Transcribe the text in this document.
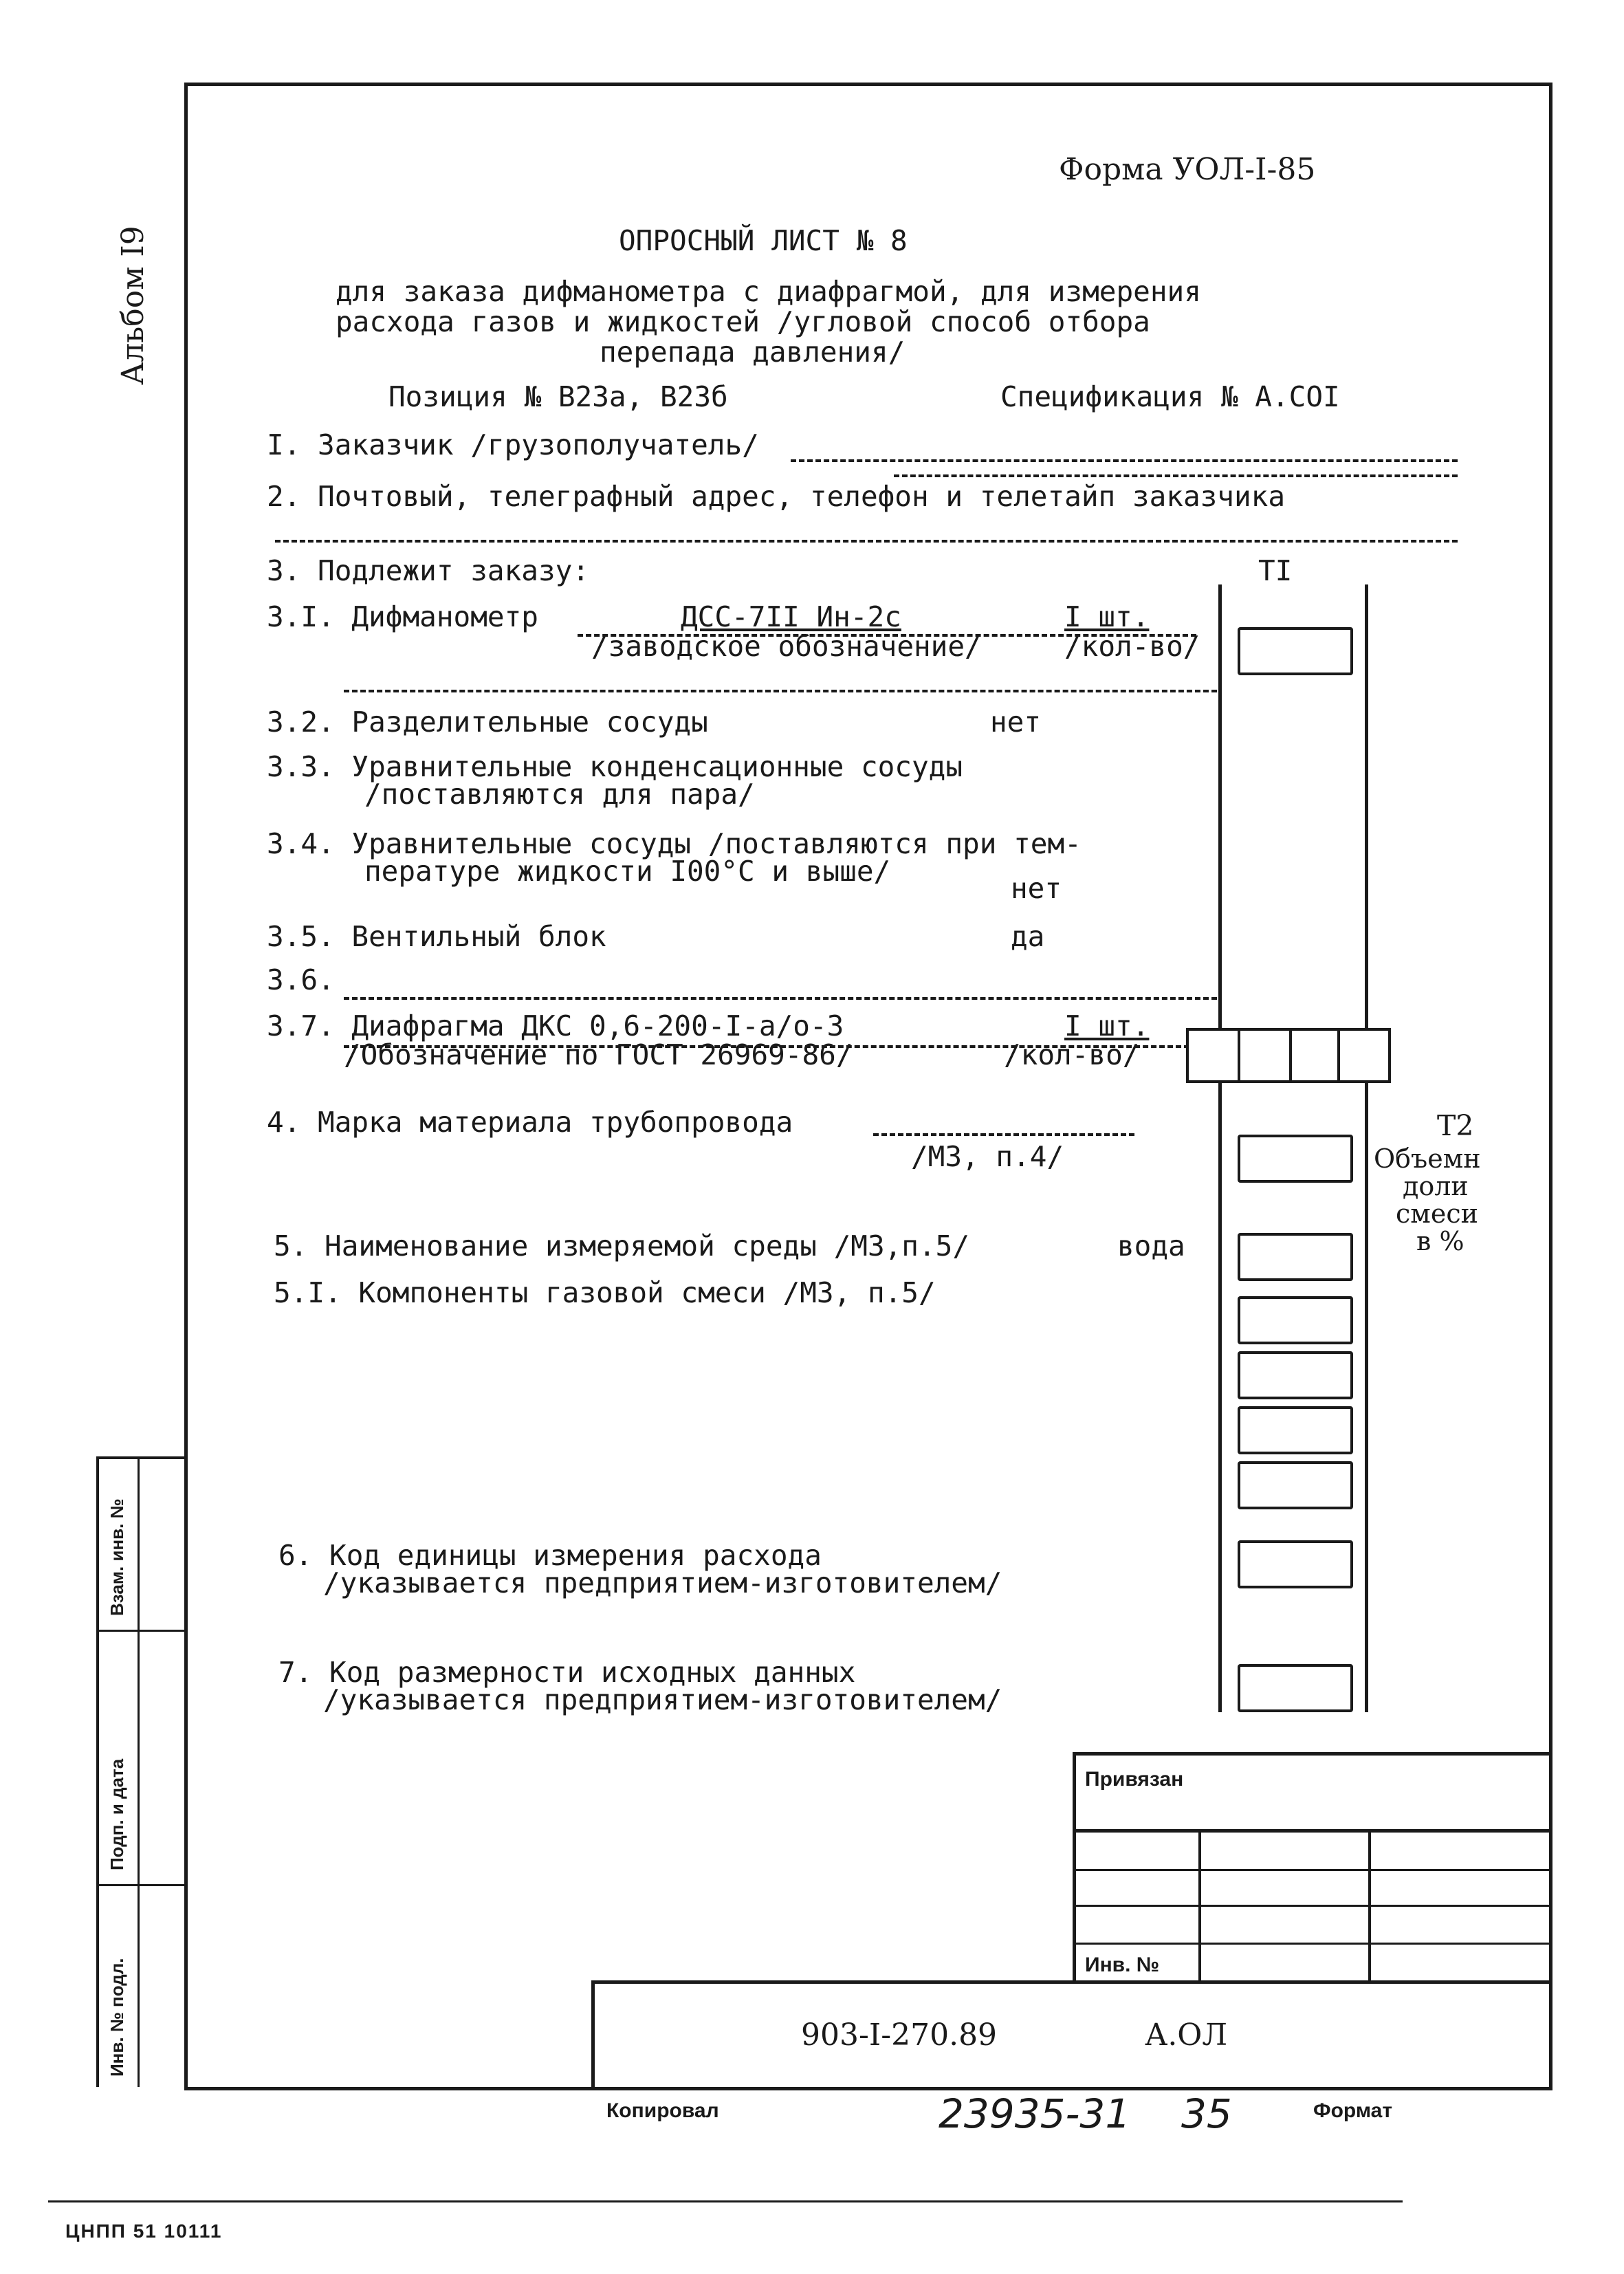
Альбом I9
Взам. инв. №
Подп. и дата
Инв. № подл.
Форма УОЛ-I-85
ОПРОСНЫЙ ЛИСТ № 8
для заказа дифманометра с диафрагмой, для измерения
расхода газов и жидкостей /угловой способ отбора
перепада давления/
Позиция № В23а, В23б	Спецификация № А.СОI
I. Заказчик /грузополучатель/
2. Почтовый, телеграфный адрес, телефон и телетайп заказчика
3. Подлежит заказу:	TI
3.I. Дифманометр	ДСС-7II Ин-2с	I шт.
/заводское обозначение/	/кол-во/
3.2. Разделительные сосуды	нет
3.3. Уравнительные конденсационные сосуды
/поставляются для пара/
3.4. Уравнительные сосуды /поставляются при тем-
пературе жидкости I00°С и выше/
нет
3.5. Вентильный блок	да
3.6.
3.7. Диафрагма ДКС 0,6-200-I-а/о-3	I шт.
/Обозначение по ГОСТ 26969-86/	/кол-во/
4. Марка материала трубопровода
/МЗ, п.4/
Т2
Объемн
доли
смеси
в %
5. Наименование измеряемой среды /МЗ,п.5/	вода
5.I. Компоненты газовой смеси /МЗ, п.5/
6. Код единицы измерения расхода
/указывается предприятием-изготовителем/
7. Код размерности исходных данных
/указывается предприятием-изготовителем/
Привязан
Инв. №
903-I-270.89	А.ОЛ
Копировал	23935-31 35	Формат
ЦНПП 51 10111
